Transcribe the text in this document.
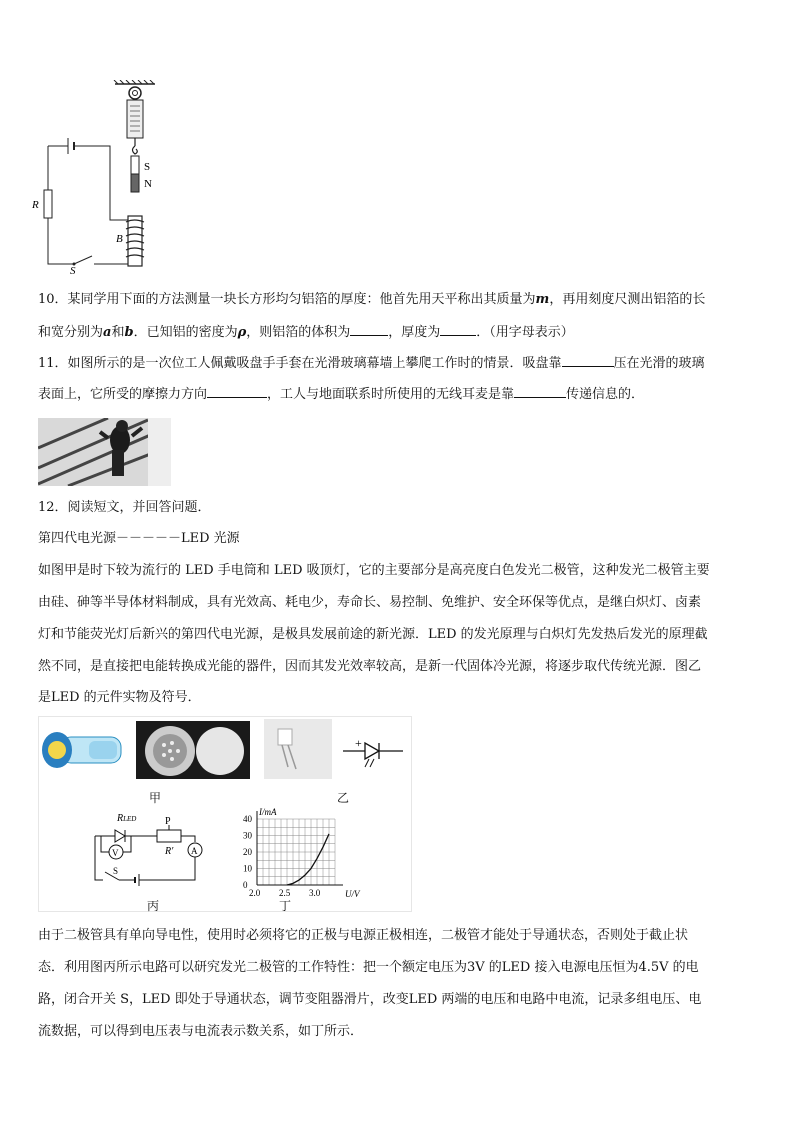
S
N
B
R
S
10．某同学用下面的方法测量一块长方形均匀铝箔的厚度：他首先用天平称出其质量为m，再用刻度尺测出铝箔的长
和宽分别为a和b．已知铝的密度为ρ，则铝箔的体积为	，厚度为	．（用字母表示）
11．如图所示的是一次位工人佩戴吸盘手手套在光滑玻璃幕墙上攀爬工作时的情景．吸盘靠	压在光滑的玻璃
表面上，它所受的摩擦力方向	，工人与地面联系时所使用的无线耳麦是靠	传递信息的．
12．阅读短文，并回答问题．
第四代电光源－－－－－LED 光源
如图甲是时下较为流行的 LED 手电筒和 LED 吸顶灯，它的主要部分是高亮度白色发光二极管，这种发光二极管主要
由硅、砷等半导体材料制成，具有光效高、耗电少，寿命长、易控制、免维护、安全环保等优点，是继白炽灯、卤素
灯和节能荧光灯后新兴的第四代电光源，是极具发展前途的新光源．LED 的发光原理与白炽灯先发热后发光的原理截
然不同，是直接把电能转换成光能的器件，因而其发光效率较高，是新一代固体冷光源，将逐步取代传统光源．图乙
是LED 的元件实物及符号．
+
甲	乙
RLED	P
R′ A
S
V
丙
2.0 2.5 3.0
0
10
20
30
40
U/V
I/mA
丁
由于二极管具有单向导电性，使用时必须将它的正极与电源正极相连，二极管才能处于导通状态，否则处于截止状
态．利用图丙所示电路可以研究发光二极管的工作特性：把一个额定电压为3V 的LED 接入电源电压恒为4.5V 的电
路，闭合开关 S，LED 即处于导通状态，调节变阻器滑片，改变LED 两端的电压和电路中电流，记录多组电压、电
流数据，可以得到电压表与电流表示数关系，如丁所示．
